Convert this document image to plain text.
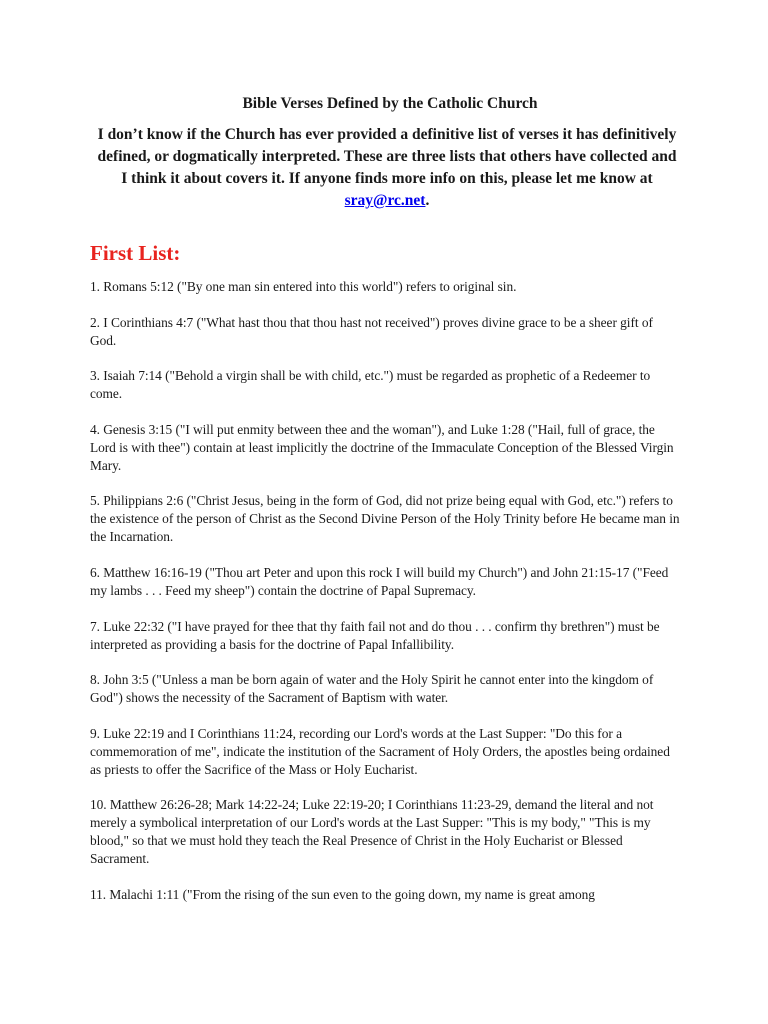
Bible Verses Defined by the Catholic Church
I don’t know if the Church has ever provided a definitive list of verses it has definitively defined, or dogmatically interpreted. These are three lists that others have collected and I think it about covers it. If anyone finds more info on this, please let me know at sray@rc.net.
First List:
1. Romans 5:12 ("By one man sin entered into this world") refers to original sin.
2. I Corinthians 4:7 ("What hast thou that thou hast not received") proves divine grace to be a sheer gift of God.
3. Isaiah 7:14 ("Behold a virgin shall be with child, etc.") must be regarded as prophetic of a Redeemer to come.
4. Genesis 3:15 ("I will put enmity between thee and the woman"), and Luke 1:28 ("Hail, full of grace, the Lord is with thee") contain at least implicitly the doctrine of the Immaculate Conception of the Blessed Virgin Mary.
5. Philippians 2:6 ("Christ Jesus, being in the form of God, did not prize being equal with God, etc.") refers to the existence of the person of Christ as the Second Divine Person of the Holy Trinity before He became man in the Incarnation.
6. Matthew 16:16-19 ("Thou art Peter and upon this rock I will build my Church") and John 21:15-17 ("Feed my lambs . . . Feed my sheep") contain the doctrine of Papal Supremacy.
7. Luke 22:32 ("I have prayed for thee that thy faith fail not and do thou . . . confirm thy brethren") must be interpreted as providing a basis for the doctrine of Papal Infallibility.
8. John 3:5 ("Unless a man be born again of water and the Holy Spirit he cannot enter into the kingdom of God") shows the necessity of the Sacrament of Baptism with water.
9. Luke 22:19 and I Corinthians 11:24, recording our Lord's words at the Last Supper: "Do this for a commemoration of me", indicate the institution of the Sacrament of Holy Orders, the apostles being ordained as priests to offer the Sacrifice of the Mass or Holy Eucharist.
10. Matthew 26:26-28; Mark 14:22-24; Luke 22:19-20; I Corinthians 11:23-29, demand the literal and not merely a symbolical interpretation of our Lord's words at the Last Supper: "This is my body," "This is my blood," so that we must hold they teach the Real Presence of Christ in the Holy Eucharist or Blessed Sacrament.
11. Malachi 1:11 ("From the rising of the sun even to the going down, my name is great among
